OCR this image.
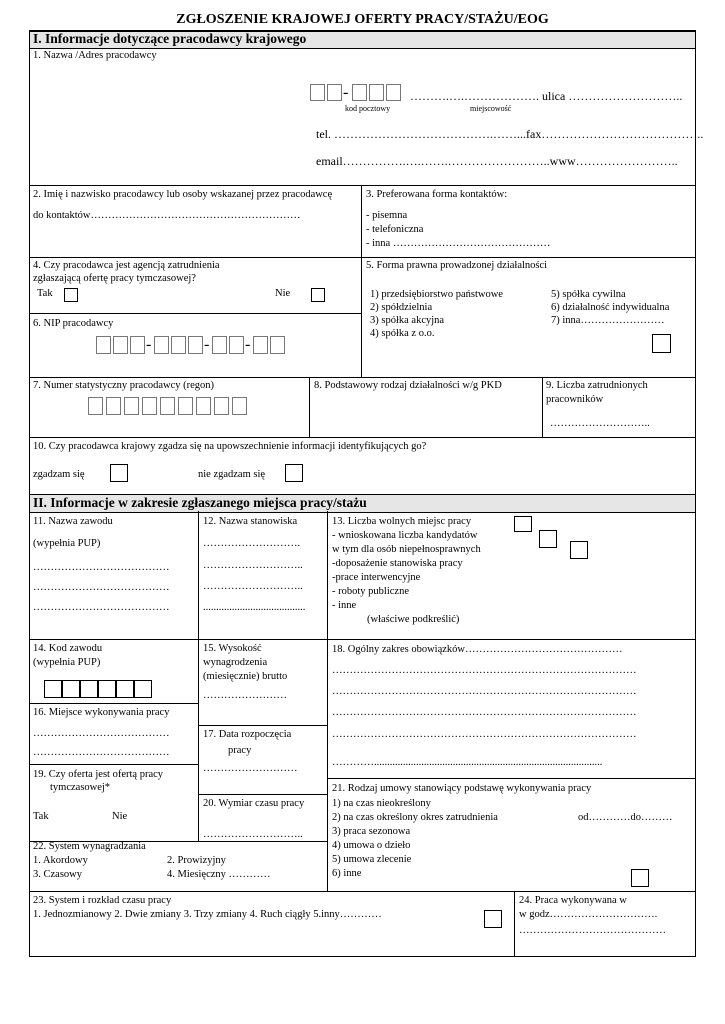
ZGŁOSZENIE KRAJOWEJ OFERTY PRACY/STAŻU/EOG
I. Informacje dotyczące pracodawcy krajowego
1. Nazwa /Adres pracodawcy
-	……….….………………. ulica ………………………..
kod pocztowy	miejscowość
tel. ………………………………….……...fax…………………………………..
email…………….….…….……………………..www……………………..
2. Imię i nazwisko pracodawcy lub osoby wskazanej przez pracodawcę
do kontaktów……………………………………………………
3. Preferowana forma kontaktów:
- pisemna
- telefoniczna
- inna ………………………………………
4. Czy pracodawca jest agencją zatrudnienia
zgłaszającą ofertę pracy tymczasowej?
Tak	Nie
6. NIP pracodawcy
-	- -
5. Forma prawna prowadzonej działalności
1) przedsiębiorstwo państwowe
2) spółdzielnia
3) spółka akcyjna
4) spółka z o.o.
5) spółka cywilna
6) działalność indywidualna
7) inna……………………
7. Numer statystyczny pracodawcy (regon)	8. Podstawowy rodzaj działalności w/g PKD	9. Liczba zatrudnionych
pracowników
………………………..
10. Czy pracodawca krajowy zgadza się na upowszechnienie informacji identyfikujących go?
zgadzam się	nie zgadzam się
II. Informacje w zakresie zgłaszanego miejsca pracy/stażu
11. Nazwa zawodu
(wypełnia PUP)
…………………………………
…………………………………
…………………………………
12. Nazwa stanowiska
……………………….
………………………..
………………………..
.......................................
13. Liczba wolnych miejsc pracy
- wnioskowana liczba kandydatów
w tym dla osób niepełnosprawnych
-doposażenie stanowiska pracy
-prace interwencyjne
- roboty publiczne
- inne
(właściwe podkreślić)
14. Kod zawodu
(wypełnia PUP)
15. Wysokość
wynagrodzenia
(miesięcznie) brutto
……………………
16. Miejsce wykonywania pracy
…………………………………
…………………………………
17. Data rozpoczęcia
pracy
………………………
18. Ogólny zakres obowiązków………………………………………
……………………………………………………………………………
……………………………………………………………………………
……………………………………………………………………………
……………………………………………………………………………
………….......................................................................................
19. Czy oferta jest ofertą pracy
tymczasowej*
Tak	Nie
20. Wymiar czasu pracy
………………………..
21. Rodzaj umowy stanowiący podstawę wykonywania pracy
1) na czas nieokreślony
2) na czas określony okres zatrudnienia	od…………do………
3) praca sezonowa
4) umowa o dzieło
5) umowa zlecenie
6) inne
22. System wynagradzania
1. Akordowy	2. Prowizyjny
3. Czasowy	4. Miesięczny …………
23. System i rozkład czasu pracy
1. Jednozmianowy 2. Dwie zmiany 3. Trzy zmiany 4. Ruch ciągły 5.inny…………
24. Praca wykonywana w
w godz………………………….
……………………………………
